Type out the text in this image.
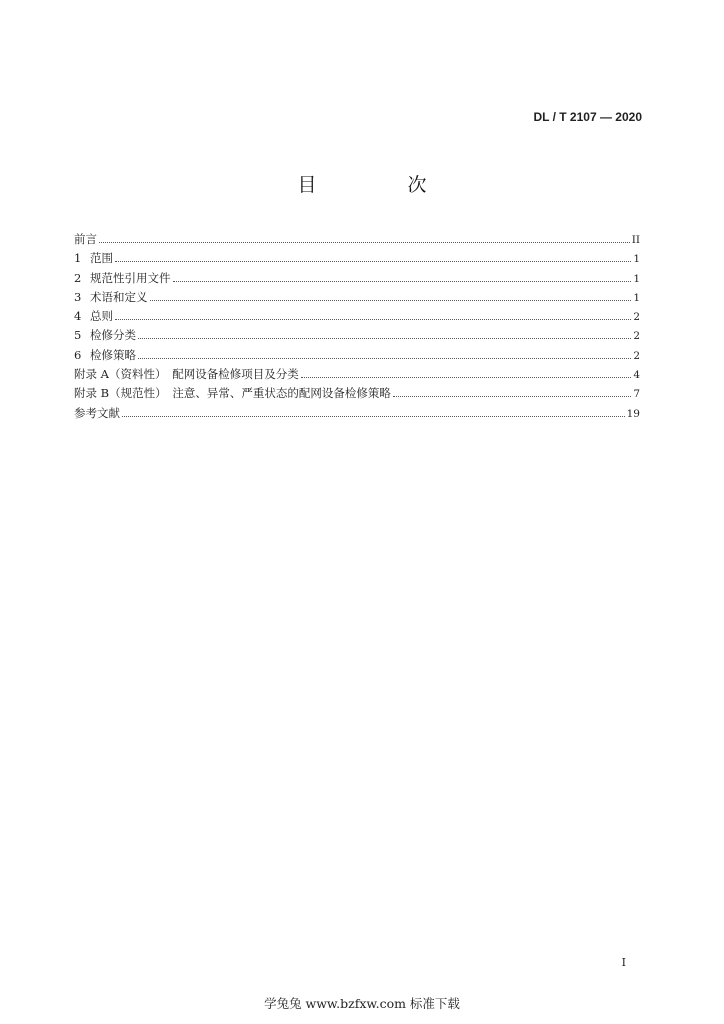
DL / T 2107 — 2020
目　次
前言	II
1 范围	1
2 规范性引用文件	1
3 术语和定义	1
4 总则	2
5 检修分类	2
6 检修策略	2
附录 A（资料性）　配网设备检修项目及分类	4
附录 B（规范性）　注意、异常、严重状态的配网设备检修策略	7
参考文献	19
I
学兔兔 www.bzfxw.com 标准下载
